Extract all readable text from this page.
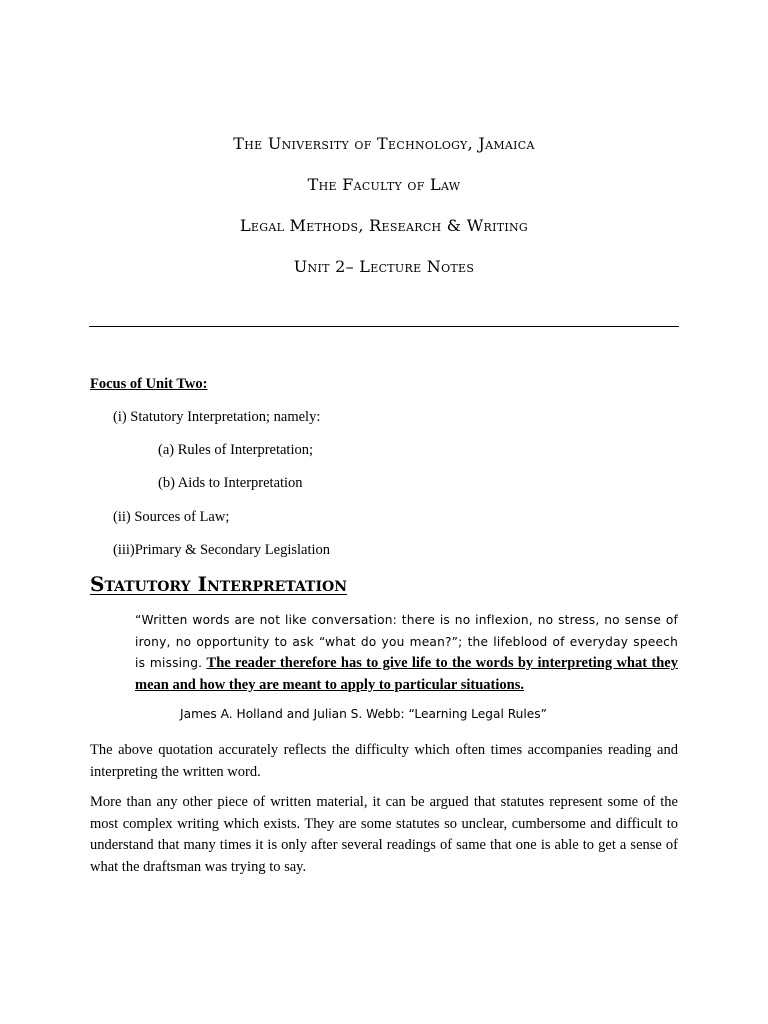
The University of Technology, Jamaica

The Faculty of Law

Legal Methods, Research & Writing

Unit 2– Lecture Notes

Focus of Unit Two:

(i) Statutory Interpretation; namely:

(a) Rules of Interpretation;

(b) Aids to Interpretation

(ii) Sources of Law;

(iii)Primary & Secondary Legislation

Statutory Interpretation

“Written words are not like conversation: there is no inflexion, no stress, no sense of irony, no opportunity to ask “what do you mean?”; the lifeblood of everyday speech is missing. The reader therefore has to give life to the words by interpreting what they mean and how they are meant to apply to particular situations.

James A. Holland and Julian S. Webb: “Learning Legal Rules”

The above quotation accurately reflects the difficulty which often times accompanies reading and interpreting the written word.

More than any other piece of written material, it can be argued that statutes represent some of the most complex writing which exists. They are some statutes so unclear, cumbersome and difficult to understand that many times it is only after several readings of same that one is able to get a sense of what the draftsman was trying to say.
